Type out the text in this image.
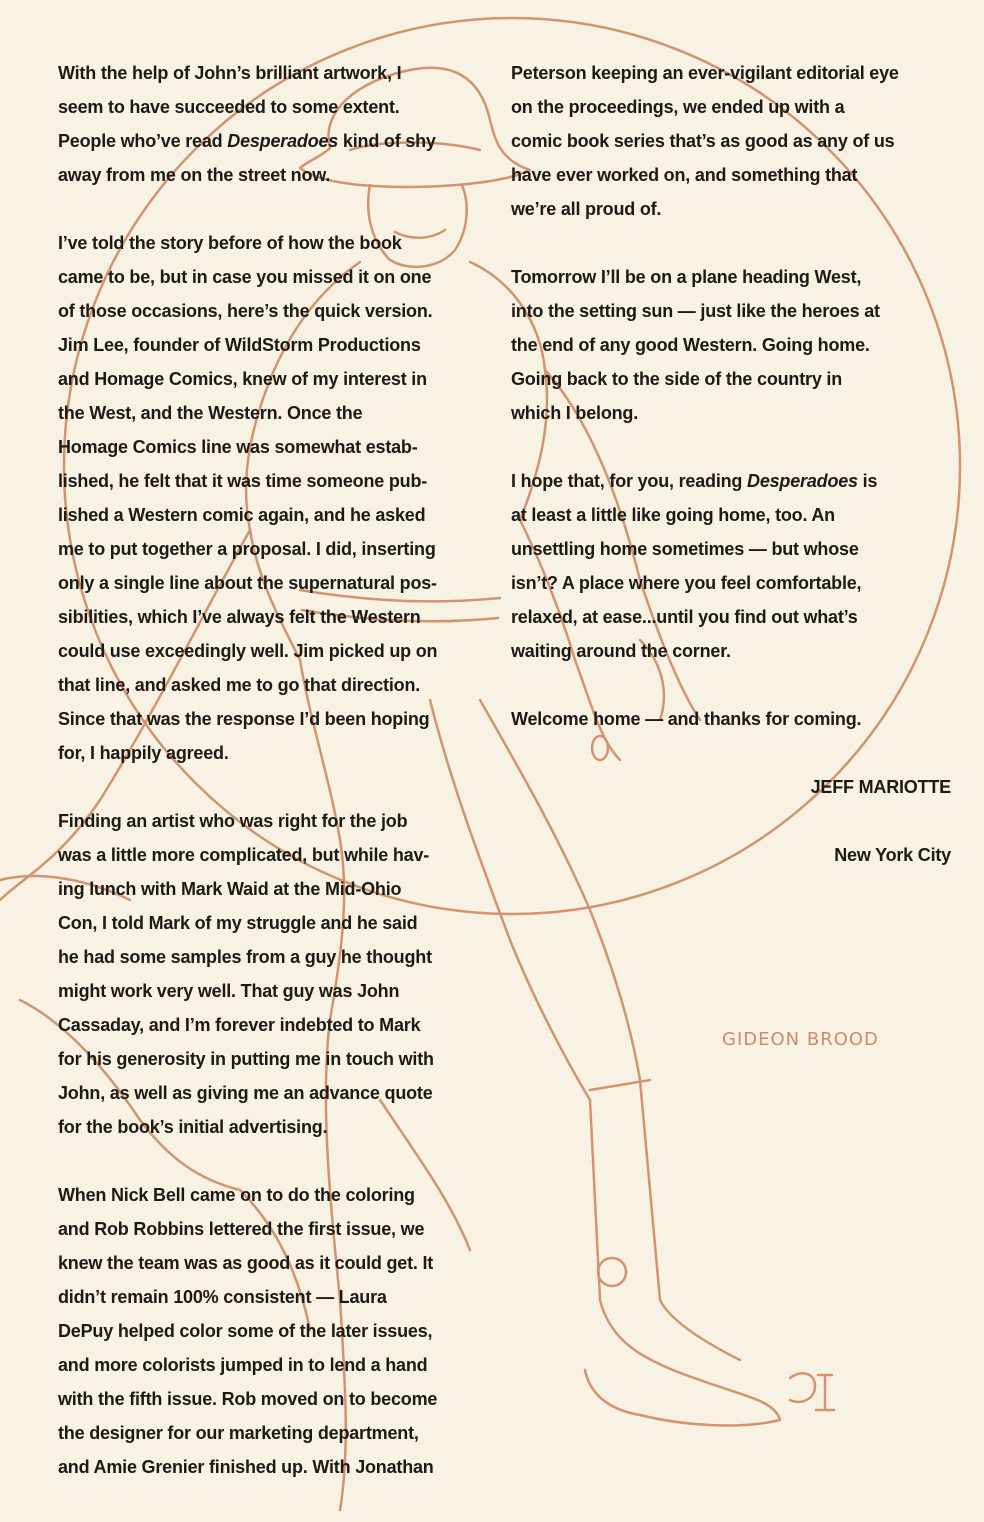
GIDEON BROOD

With the help of John’s brilliant artwork, I
seem to have succeeded to some extent.
People who’ve read Desperadoes kind of shy
away from me on the street now.

I’ve told the story before of how the book
came to be, but in case you missed it on one
of those occasions, here’s the quick version.
Jim Lee, founder of WildStorm Productions
and Homage Comics, knew of my interest in
the West, and the Western. Once the
Homage Comics line was somewhat estab-
lished, he felt that it was time someone pub-
lished a Western comic again, and he asked
me to put together a proposal. I did, inserting
only a single line about the supernatural pos-
sibilities, which I’ve always felt the Western
could use exceedingly well. Jim picked up on
that line, and asked me to go that direction.
Since that was the response I’d been hoping
for, I happily agreed.

Finding an artist who was right for the job
was a little more complicated, but while hav-
ing lunch with Mark Waid at the Mid-Ohio
Con, I told Mark of my struggle and he said
he had some samples from a guy he thought
might work very well. That guy was John
Cassaday, and I’m forever indebted to Mark
for his generosity in putting me in touch with
John, as well as giving me an advance quote
for the book’s initial advertising.

When Nick Bell came on to do the coloring
and Rob Robbins lettered the first issue, we
knew the team was as good as it could get. It
didn’t remain 100% consistent — Laura
DePuy helped color some of the later issues,
and more colorists jumped in to lend a hand
with the fifth issue. Rob moved on to become
the designer for our marketing department,
and Amie Grenier finished up. With Jonathan

Peterson keeping an ever-vigilant editorial eye
on the proceedings, we ended up with a
comic book series that’s as good as any of us
have ever worked on, and something that
we’re all proud of.

Tomorrow I’ll be on a plane heading West,
into the setting sun — just like the heroes at
the end of any good Western. Going home.
Going back to the side of the country in
which I belong.

I hope that, for you, reading Desperadoes is
at least a little like going home, too. An
unsettling home sometimes — but whose
isn’t? A place where you feel comfortable,
relaxed, at ease...until you find out what’s
waiting around the corner.

Welcome home — and thanks for coming.

JEFF MARIOTTE

New York City
